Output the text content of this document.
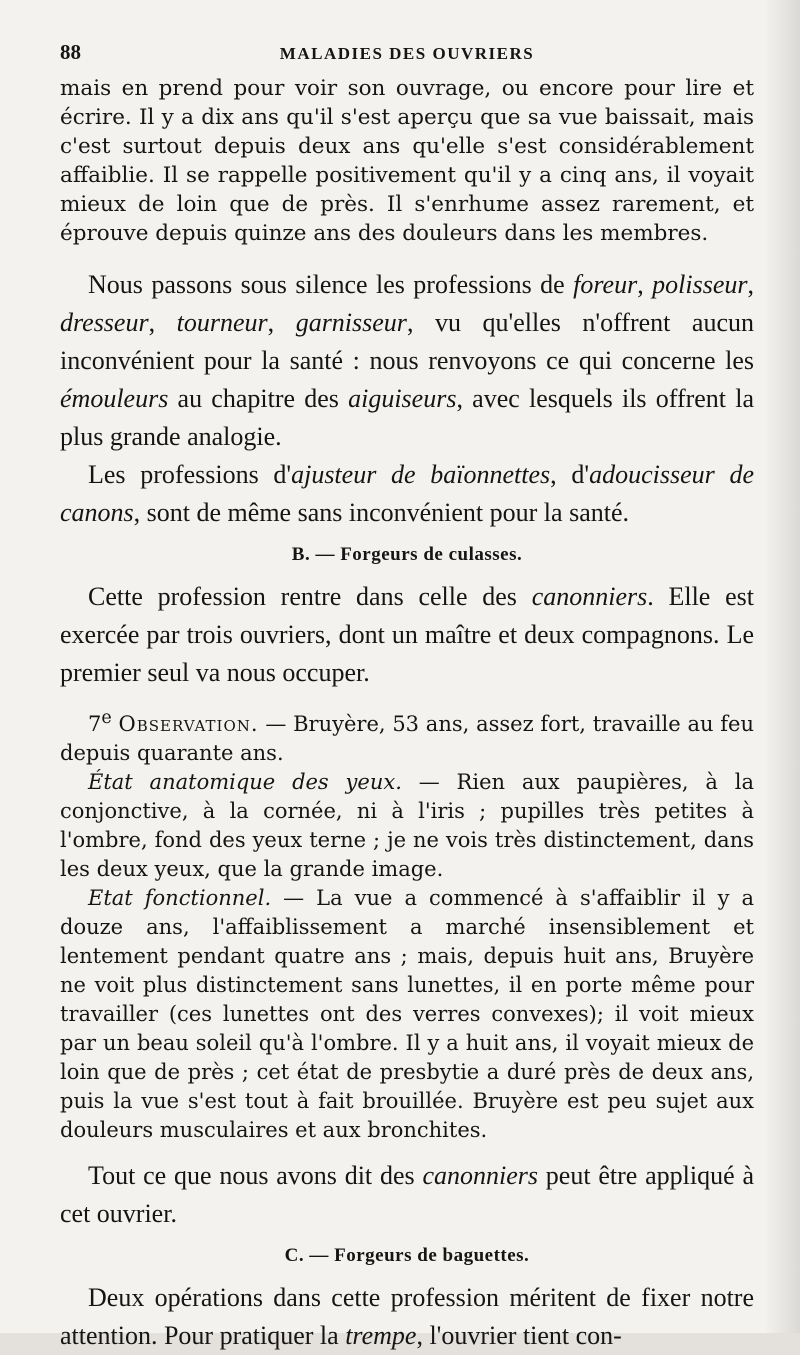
88	MALADIES DES OUVRIERS

mais en prend pour voir son ouvrage, ou encore pour lire et écrire. Il y a dix ans qu'il s'est aperçu que sa vue baissait, mais c'est surtout depuis deux ans qu'elle s'est considérablement affaiblie. Il se rappelle positivement qu'il y a cinq ans, il voyait mieux de loin que de près. Il s'enrhume assez rarement, et éprouve depuis quinze ans des douleurs dans les membres.

Nous passons sous silence les professions de foreur, polisseur, dresseur, tourneur, garnisseur, vu qu'elles n'offrent aucun inconvénient pour la santé : nous renvoyons ce qui concerne les émouleurs au chapitre des aiguiseurs, avec lesquels ils offrent la plus grande analogie.

Les professions d'ajusteur de baïonnettes, d'adoucisseur de canons, sont de même sans inconvénient pour la santé.

B. — Forgeurs de culasses.

Cette profession rentre dans celle des canonniers. Elle est exercée par trois ouvriers, dont un maître et deux compagnons. Le premier seul va nous occuper.

7e Observation. — Bruyère, 53 ans, assez fort, travaille au feu depuis quarante ans.

État anatomique des yeux. — Rien aux paupières, à la conjonctive, à la cornée, ni à l'iris ; pupilles très petites à l'ombre, fond des yeux terne ; je ne vois très distinctement, dans les deux yeux, que la grande image.

Etat fonctionnel. — La vue a commencé à s'affaiblir il y a douze ans, l'affaiblissement a marché insensiblement et lentement pendant quatre ans ; mais, depuis huit ans, Bruyère ne voit plus distinctement sans lunettes, il en porte même pour travailler (ces lunettes ont des verres convexes); il voit mieux par un beau soleil qu'à l'ombre. Il y a huit ans, il voyait mieux de loin que de près ; cet état de presbytie a duré près de deux ans, puis la vue s'est tout à fait brouillée. Bruyère est peu sujet aux douleurs musculaires et aux bronchites.

Tout ce que nous avons dit des canonniers peut être appliqué à cet ouvrier.

C. — Forgeurs de baguettes.

Deux opérations dans cette profession méritent de fixer notre attention. Pour pratiquer la trempe, l'ouvrier tient con-
